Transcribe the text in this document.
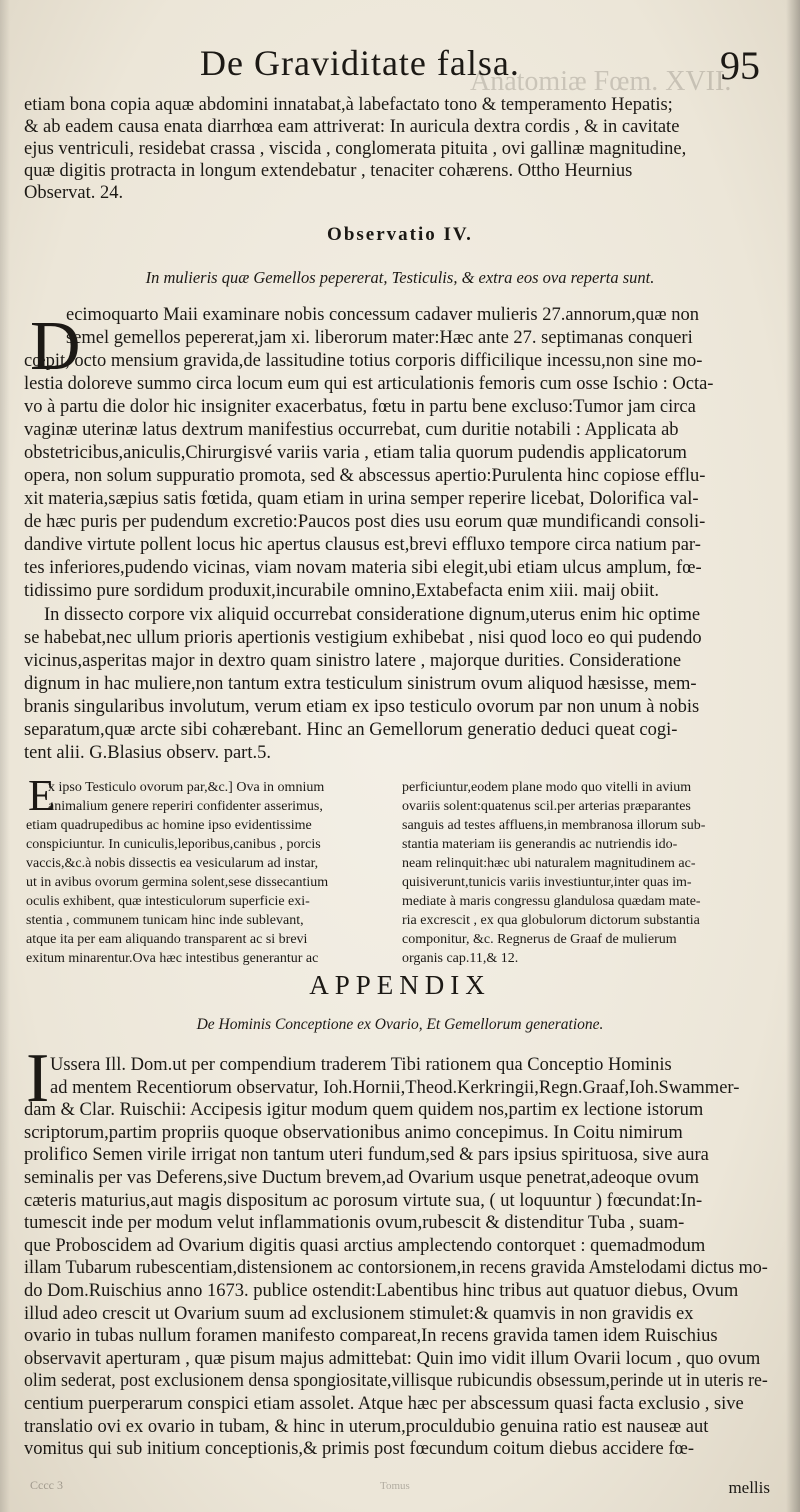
De Graviditate falsa.	95
Anatomiæ Fœm. XVII.
etiam bona copia aquæ abdomini innatabat,à labefactato tono & temperamento Hepatis;
& ab eadem causa enata diarrhœa eam attriverat: In auricula dextra cordis , & in cavitate
ejus ventriculi, residebat crassa , viscida , conglomerata pituita , ovi gallinæ magnitudine,
quæ digitis protracta in longum extendebatur , tenaciter cohærens. Ottho Heurnius
Observat. 24.
Observatio IV.
In mulieris quæ Gemellos pepererat, Testiculis, & extra eos ova reperta sunt.
D
ecimoquarto Maii examinare nobis concessum cadaver mulieris 27.annorum,quæ non
semel gemellos pepererat,jam xi. liberorum mater:Hæc ante 27. septimanas conqueri
cœpit, octo mensium gravida,de lassitudine totius corporis difficilique incessu,non sine mo-
lestia doloreve summo circa locum eum qui est articulationis femoris cum osse Ischio : Octa-
vo à partu die dolor hic insigniter exacerbatus, fœtu in partu bene excluso:Tumor jam circa
vaginæ uterinæ latus dextrum manifestius occurrebat, cum duritie notabili : Applicata ab
obstetricibus,aniculis,Chirurgisvé variis varia , etiam talia quorum pudendis applicatorum
opera, non solum suppuratio promota, sed & abscessus apertio:Purulenta hinc copiose efflu-
xit materia,sæpius satis fœtida, quam etiam in urina semper reperire licebat, Dolorifica val-
de hæc puris per pudendum excretio:Paucos post dies usu eorum quæ mundificandi consoli-
dandive virtute pollent locus hic apertus clausus est,brevi effluxo tempore circa natium par-
tes inferiores,pudendo vicinas, viam novam materia sibi elegit,ubi etiam ulcus amplum, fœ-
tidissimo pure sordidum produxit,incurabile omnino,Extabefacta enim xiii. maij obiit.
In dissecto corpore vix aliquid occurrebat consideratione dignum,uterus enim hic optime
se habebat,nec ullum prioris apertionis vestigium exhibebat , nisi quod loco eo qui pudendo
vicinus,asperitas major in dextro quam sinistro latere , majorque durities. Consideratione
dignum in hac muliere,non tantum extra testiculum sinistrum ovum aliquod hæsisse, mem-
branis singularibus involutum, verum etiam ex ipso testiculo ovorum par non unum à nobis
separatum,quæ arcte sibi cohærebant. Hinc an Gemellorum generatio deduci queat cogi-
tent alii. G.Blasius observ. part.5.
E
x ipso Testiculo ovorum par,&c.] Ova in omnium
animalium genere reperiri confidenter asserimus,
etiam quadrupedibus ac homine ipso evidentissime
conspiciuntur. In cuniculis,leporibus,canibus , porcis
vaccis,&c.à nobis dissectis ea vesicularum ad instar,
ut in avibus ovorum germina solent,sese dissecantium
oculis exhibent, quæ intesticulorum superficie exi-
stentia , communem tunicam hinc inde sublevant,
atque ita per eam aliquando transparent ac si brevi
exitum minarentur.Ova hæc intestibus generantur ac
perficiuntur,eodem plane modo quo vitelli in avium
ovariis solent:quatenus scil.per arterias præparantes
sanguis ad testes affluens,in membranosa illorum sub-
stantia materiam iis generandis ac nutriendis ido-
neam relinquit:hæc ubi naturalem magnitudinem ac-
quisiverunt,tunicis variis investiuntur,inter quas im-
mediate à maris congressu glandulosa quædam mate-
ria excrescit , ex qua globulorum dictorum substantia
componitur, &c. Regnerus de Graaf de mulierum
organis cap.11,& 12.
APPENDIX
De Hominis Conceptione ex Ovario, Et Gemellorum generatione.
I Ussera Ill. Dom.ut per compendium traderem Tibi rationem qua Conceptio Hominis
ad mentem Recentiorum observatur, Ioh.Hornii,Theod.Kerkringii,Regn.Graaf,Ioh.Swammer-
dam & Clar. Ruischii: Accipesis igitur modum quem quidem nos,partim ex lectione istorum
scriptorum,partim propriis quoque observationibus animo concepimus. In Coitu nimirum
prolifico Semen virile irrigat non tantum uteri fundum,sed & pars ipsius spirituosa, sive aura
seminalis per vas Deferens,sive Ductum brevem,ad Ovarium usque penetrat,adeoque ovum
cæteris maturius,aut magis dispositum ac porosum virtute sua, ( ut loquuntur ) fœcundat:In-
tumescit inde per modum velut inflammationis ovum,rubescit & distenditur Tuba , suam-
que Proboscidem ad Ovarium digitis quasi arctius amplectendo contorquet : quemadmodum
illam Tubarum rubescentiam,distensionem ac contorsionem,in recens gravida Amstelodami dictus mo-
do Dom.Ruischius anno 1673. publice ostendit:Labentibus hinc tribus aut quatuor diebus, Ovum
illud adeo crescit ut Ovarium suum ad exclusionem stimulet:& quamvis in non gravidis ex
ovario in tubas nullum foramen manifesto compareat,In recens gravida tamen idem Ruischius
observavit aperturam , quæ pisum majus admittebat: Quin imo vidit illum Ovarii locum , quo ovum
olim sederat, post exclusionem densa spongiositate,villisque rubicundis obsessum,perinde ut in uteris re-
centium puerperarum conspici etiam assolet. Atque hæc per abscessum quasi facta exclusio , sive
translatio ovi ex ovario in tubam, & hinc in uterum,proculdubio genuina ratio est nauseæ aut
vomitus qui sub initium conceptionis,& primis post fœcundum coitum diebus accidere fœ-
Cccc 3	Tomus	mellis
